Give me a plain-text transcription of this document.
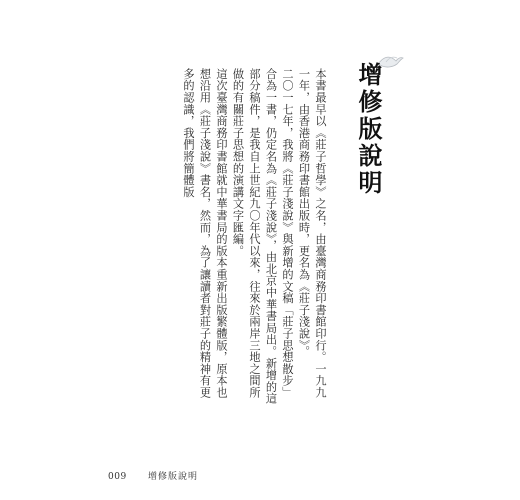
增修版說明

本書最早以《莊子哲學》之名，由臺灣商務印書館印行。一九九一年，由香港商務印書館出版時，更名為《莊子淺說》。

二〇一七年，我將《莊子淺說》與新增的文稿「莊子思想散步」合為一書，仍定名為《莊子淺說》，由北京中華書局出。新增的這部分稿件，是我自上世紀九〇年代以來，往來於兩岸三地之間所做的有關莊子思想的演講文字匯編。

這次臺灣商務印書館就中華書局的版本重新出版繁體版，原本也想沿用《莊子淺說》書名，然而，為了讓讀者對莊子的精神有更多的認識，我們將簡體版

009 增修版說明
